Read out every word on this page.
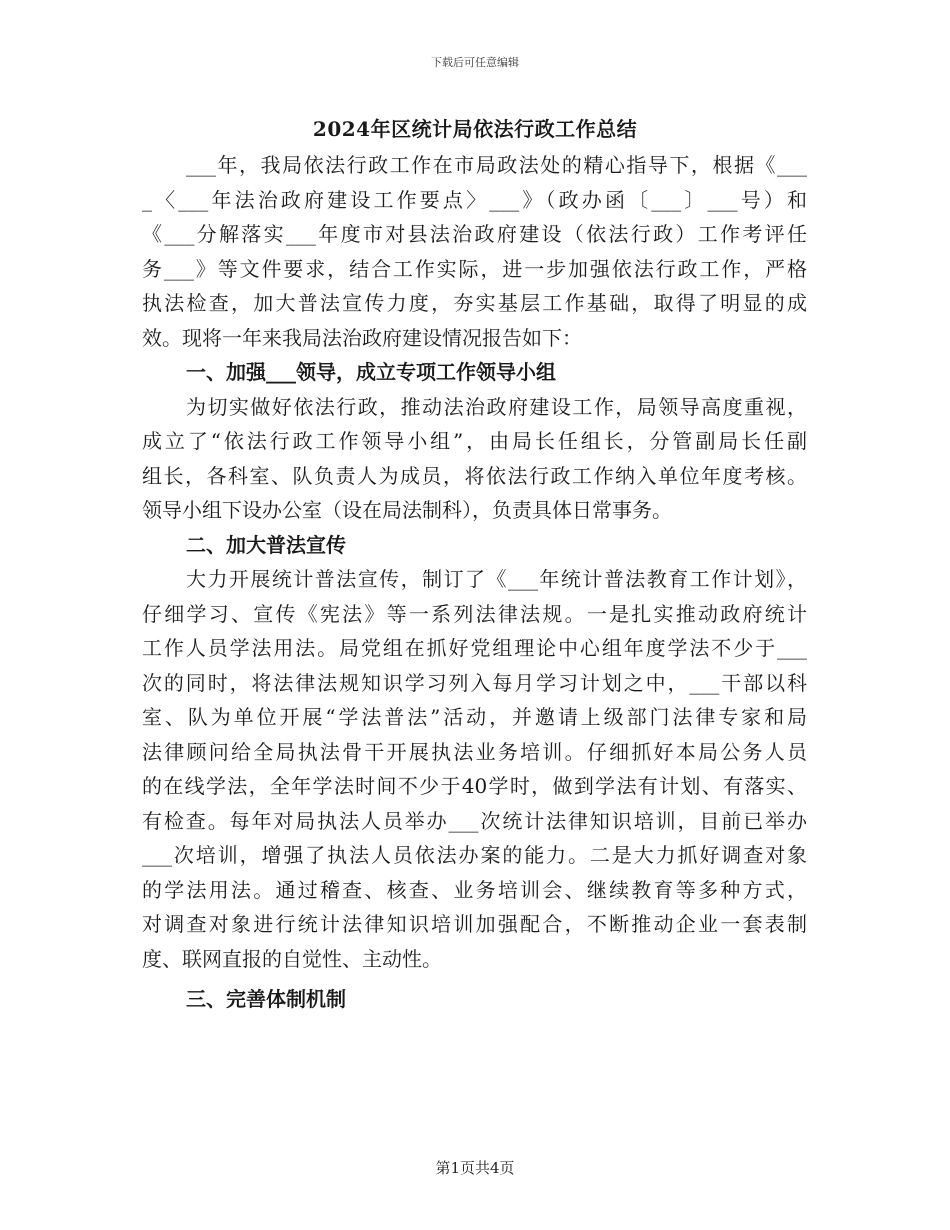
下载后可任意编辑
2024年区统计局依法行政工作总结
___年，我局依法行政工作在市局政法处的精心指导下，根据《___
_〈___年法治政府建设工作要点〉___》（政办函〔___〕___号）和
《___分解落实___年度市对县法治政府建设（依法行政）工作考评任
务___》等文件要求，结合工作实际，进一步加强依法行政工作，严格
执法检查，加大普法宣传力度，夯实基层工作基础，取得了明显的成
效。现将一年来我局法治政府建设情况报告如下：
一、加强___领导，成立专项工作领导小组
为切实做好依法行政，推动法治政府建设工作，局领导高度重视，
成立了“依法行政工作领导小组”，由局长任组长，分管副局长任副
组长，各科室、队负责人为成员，将依法行政工作纳入单位年度考核。
领导小组下设办公室（设在局法制科），负责具体日常事务。
二、加大普法宣传
大力开展统计普法宣传，制订了《___年统计普法教育工作计划》，
仔细学习、宣传《宪法》等一系列法律法规。一是扎实推动政府统计
工作人员学法用法。局党组在抓好党组理论中心组年度学法不少于___
次的同时，将法律法规知识学习列入每月学习计划之中，___干部以科
室、队为单位开展“学法普法”活动，并邀请上级部门法律专家和局
法律顾问给全局执法骨干开展执法业务培训。仔细抓好本局公务人员
的在线学法，全年学法时间不少于40学时，做到学法有计划、有落实、
有检查。每年对局执法人员举办___次统计法律知识培训，目前已举办
___次培训，增强了执法人员依法办案的能力。二是大力抓好调查对象
的学法用法。通过稽查、核查、业务培训会、继续教育等多种方式，
对调查对象进行统计法律知识培训加强配合，不断推动企业一套表制
度、联网直报的自觉性、主动性。
三、完善体制机制
第1页共4页
